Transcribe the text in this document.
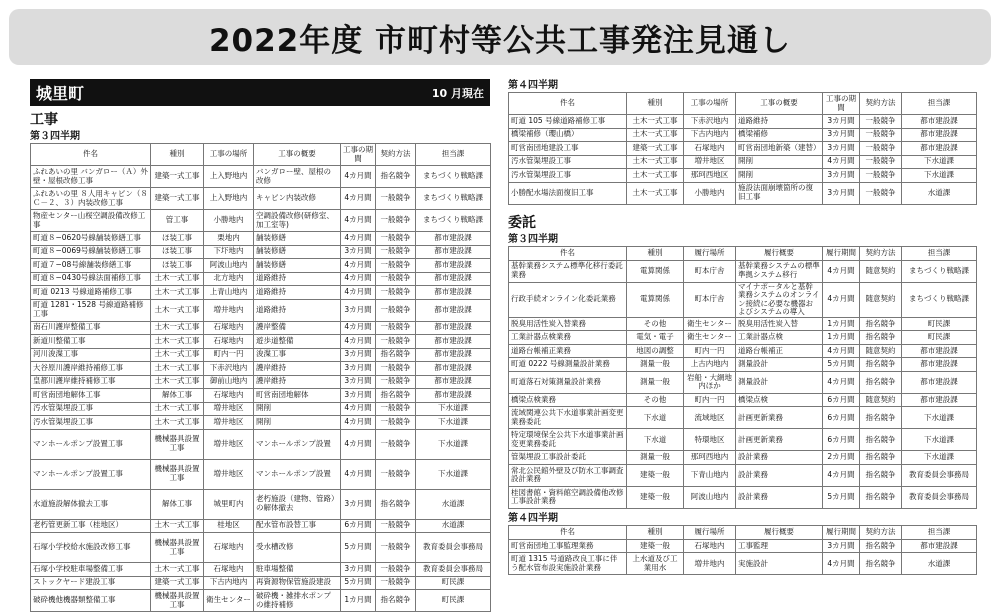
2022年度 市町村等公共工事発注見通し
城里町	10 月現在
工事
第３四半期
件名	種別	工事の場所	工事の概要	工事の期間	契約方法	担当課
ふれあいの里 バンガロー（Ａ）外壁・屋根改修工事	建築一式工事	上入野地内	バンガロー壁、屋根の改修	4カ月間	指名競争	まちづくり戦略課
ふれあいの里 ８人用キャビン（８Ｃ－２、３）内装改修工事	建築一式工事	上入野地内	キャビン内装改修	4カ月間	一般競争	まちづくり戦略課
物産センター山桜空調設備改修工事	管工事	小勝地内	空調設備改修(研修室、加工室等)	4カ月間	一般競争	まちづくり戦略課
町道８−0620号線舗装修繕工事	ほ装工事	栗地内	舗装修繕	4カ月間	一般競争	都市建設課
町道８−0069号線舗装修繕工事	ほ装工事	下圷地内	舗装修繕	3カ月間	一般競争	都市建設課
町道７−08号線舗装修繕工事	ほ装工事	阿波山地内	舗装修繕	4カ月間	一般競争	都市建設課
町道８−0430号線法面補修工事	土木一式工事	北方地内	道路維持	4カ月間	一般競争	都市建設課
町道 0213 号線道路補修工事	土木一式工事	上青山地内	道路維持	4カ月間	一般競争	都市建設課
町道 1281・1528 号線道路補修工事	土木一式工事	増井地内	道路維持	3カ月間	一般競争	都市建設課
南石川護岸整備工事	土木一式工事	石塚地内	護岸整備	4カ月間	一般競争	都市建設課
新道川整備工事	土木一式工事	石塚地内	遊歩道整備	4カ月間	一般競争	都市建設課
河川浚渫工事	土木一式工事	町内一円	浚渫工事	3カ月間	指名競争	都市建設課
大谷原川護岸維持補修工事	土木一式工事	下赤沢地内	護岸維持	3カ月間	一般競争	都市建設課
皇都川護岸維持補修工事	土木一式工事	御前山地内	護岸維持	3カ月間	一般競争	都市建設課
町営南団地解体工事	解体工事	石塚地内	町営南団地解体	3カ月間	指名競争	都市建設課
汚水管渠埋設工事	土木一式工事	増井地区	開削	4カ月間	一般競争	下水道課
汚水管渠埋設工事	土木一式工事	増井地区	開削	4カ月間	一般競争	下水道課
マンホールポンプ設置工事	機械器具設置工事	増井地区	マンホールポンプ設置	4カ月間	一般競争	下水道課
マンホールポンプ設置工事	機械器具設置工事	増井地区	マンホールポンプ設置	4カ月間	一般競争	下水道課
水道施設解体撤去工事	解体工事	城里町内	老朽施設（建物、管路）の解体撤去	3カ月間	指名競争	水道課
老朽管更新工事（桂地区）	土木一式工事	桂地区	配水管布設替工事	6カ月間	一般競争	水道課
石塚小学校給水施設改修工事	機械器具設置工事	石塚地内	受水槽改修	5カ月間	一般競争	教育委員会事務局
石塚小学校駐車場整備工事	土木一式工事	石塚地内	駐車場整備	3カ月間	一般競争	教育委員会事務局
ストックヤード建設工事	建築一式工事	下古内地内	再資源物保管施設建設	5カ月間	一般競争	町民課
破砕機他機器類整備工事	機械器具設置工事	衛生センター	破砕機・雑排水ポンプの維持補修	1カ月間	指名競争	町民課
第４四半期
件名	種別	工事の場所	工事の概要	工事の期間	契約方法	担当課
町道 105 号線道路補修工事	土木一式工事	下赤沢地内	道路維持	3カ月間	一般競争	都市建設課
橋梁補修（瓔山橋）	土木一式工事	下古内地内	橋梁補修	3カ月間	一般競争	都市建設課
町営南団地建設工事	建築一式工事	石塚地内	町営南団地新築（建替）	3カ月間	一般競争	都市建設課
汚水管渠埋設工事	土木一式工事	増井地区	開削	4カ月間	一般競争	下水道課
汚水管渠埋設工事	土木一式工事	那珂西地区	開削	3カ月間	一般競争	下水道課
小勝配水場法面復旧工事	土木一式工事	小勝地内	施設法面崩壊箇所の復旧工事	3カ月間	一般競争	水道課
委託
第３四半期
件名	種別	履行場所	履行概要	履行期間	契約方法	担当課
基幹業務システム標準化移行委託業務	電算関係	町本庁舎	基幹業務システムの標準準拠システム移行	4カ月間	随意契約	まちづくり戦略課
行政手続オンライン化委託業務	電算関係	町本庁舎	マイナポータルと基幹業務システムのオンライン接続に必要な機器およびシステムの導入	4カ月間	随意契約	まちづくり戦略課
脱臭用活性炭入替業務	その他	衛生センター	脱臭用活性炭入替	1カ月間	指名競争	町民課
工業計器点検業務	電気・電子	衛生センター	工業計器点検	1カ月間	指名競争	町民課
道路台帳補正業務	地図の調整	町内一円	道路台帳補正	4カ月間	随意契約	都市建設課
町道 0222 号線測量設計業務	測量一般	上古内地内	測量設計	5カ月間	指名競争	都市建設課
町道落石対策測量設計業務	測量一般	岩船・大網地内ほか	測量設計	4カ月間	指名競争	都市建設課
橋梁点検業務	その他	町内一円	橋梁点検	6カ月間	随意契約	都市建設課
流域関連公共下水道事業計画変更業務委託	下水道	流域地区	計画更新業務	6カ月間	指名競争	下水道課
特定環境保全公共下水道事業計画変更業務委託	下水道	特環地区	計画更新業務	6カ月間	指名競争	下水道課
管渠埋設工事設計委託	測量一般	那珂西地内	設計業務	2カ月間	指名競争	下水道課
常北公民館外壁及び防水工事調査設計業務	建築一般	下青山地内	設計業務	4カ月間	指名競争	教育委員会事務局
桂図書館・資料館空調設備他改修工事設計業務	建築一般	阿波山地内	設計業務	5カ月間	指名競争	教育委員会事務局
第４四半期
件名	種別	履行場所	履行概要	履行期間	契約方法	担当課
町営南団地工事監理業務	建築一般	石塚地内	工事監理	3カ月間	指名競争	都市建設課
町道 1315 号道路改良工事に伴う配水管布設実施設計業務	上水道及び工業用水	増井地内	実施設計	4カ月間	指名競争	水道課
